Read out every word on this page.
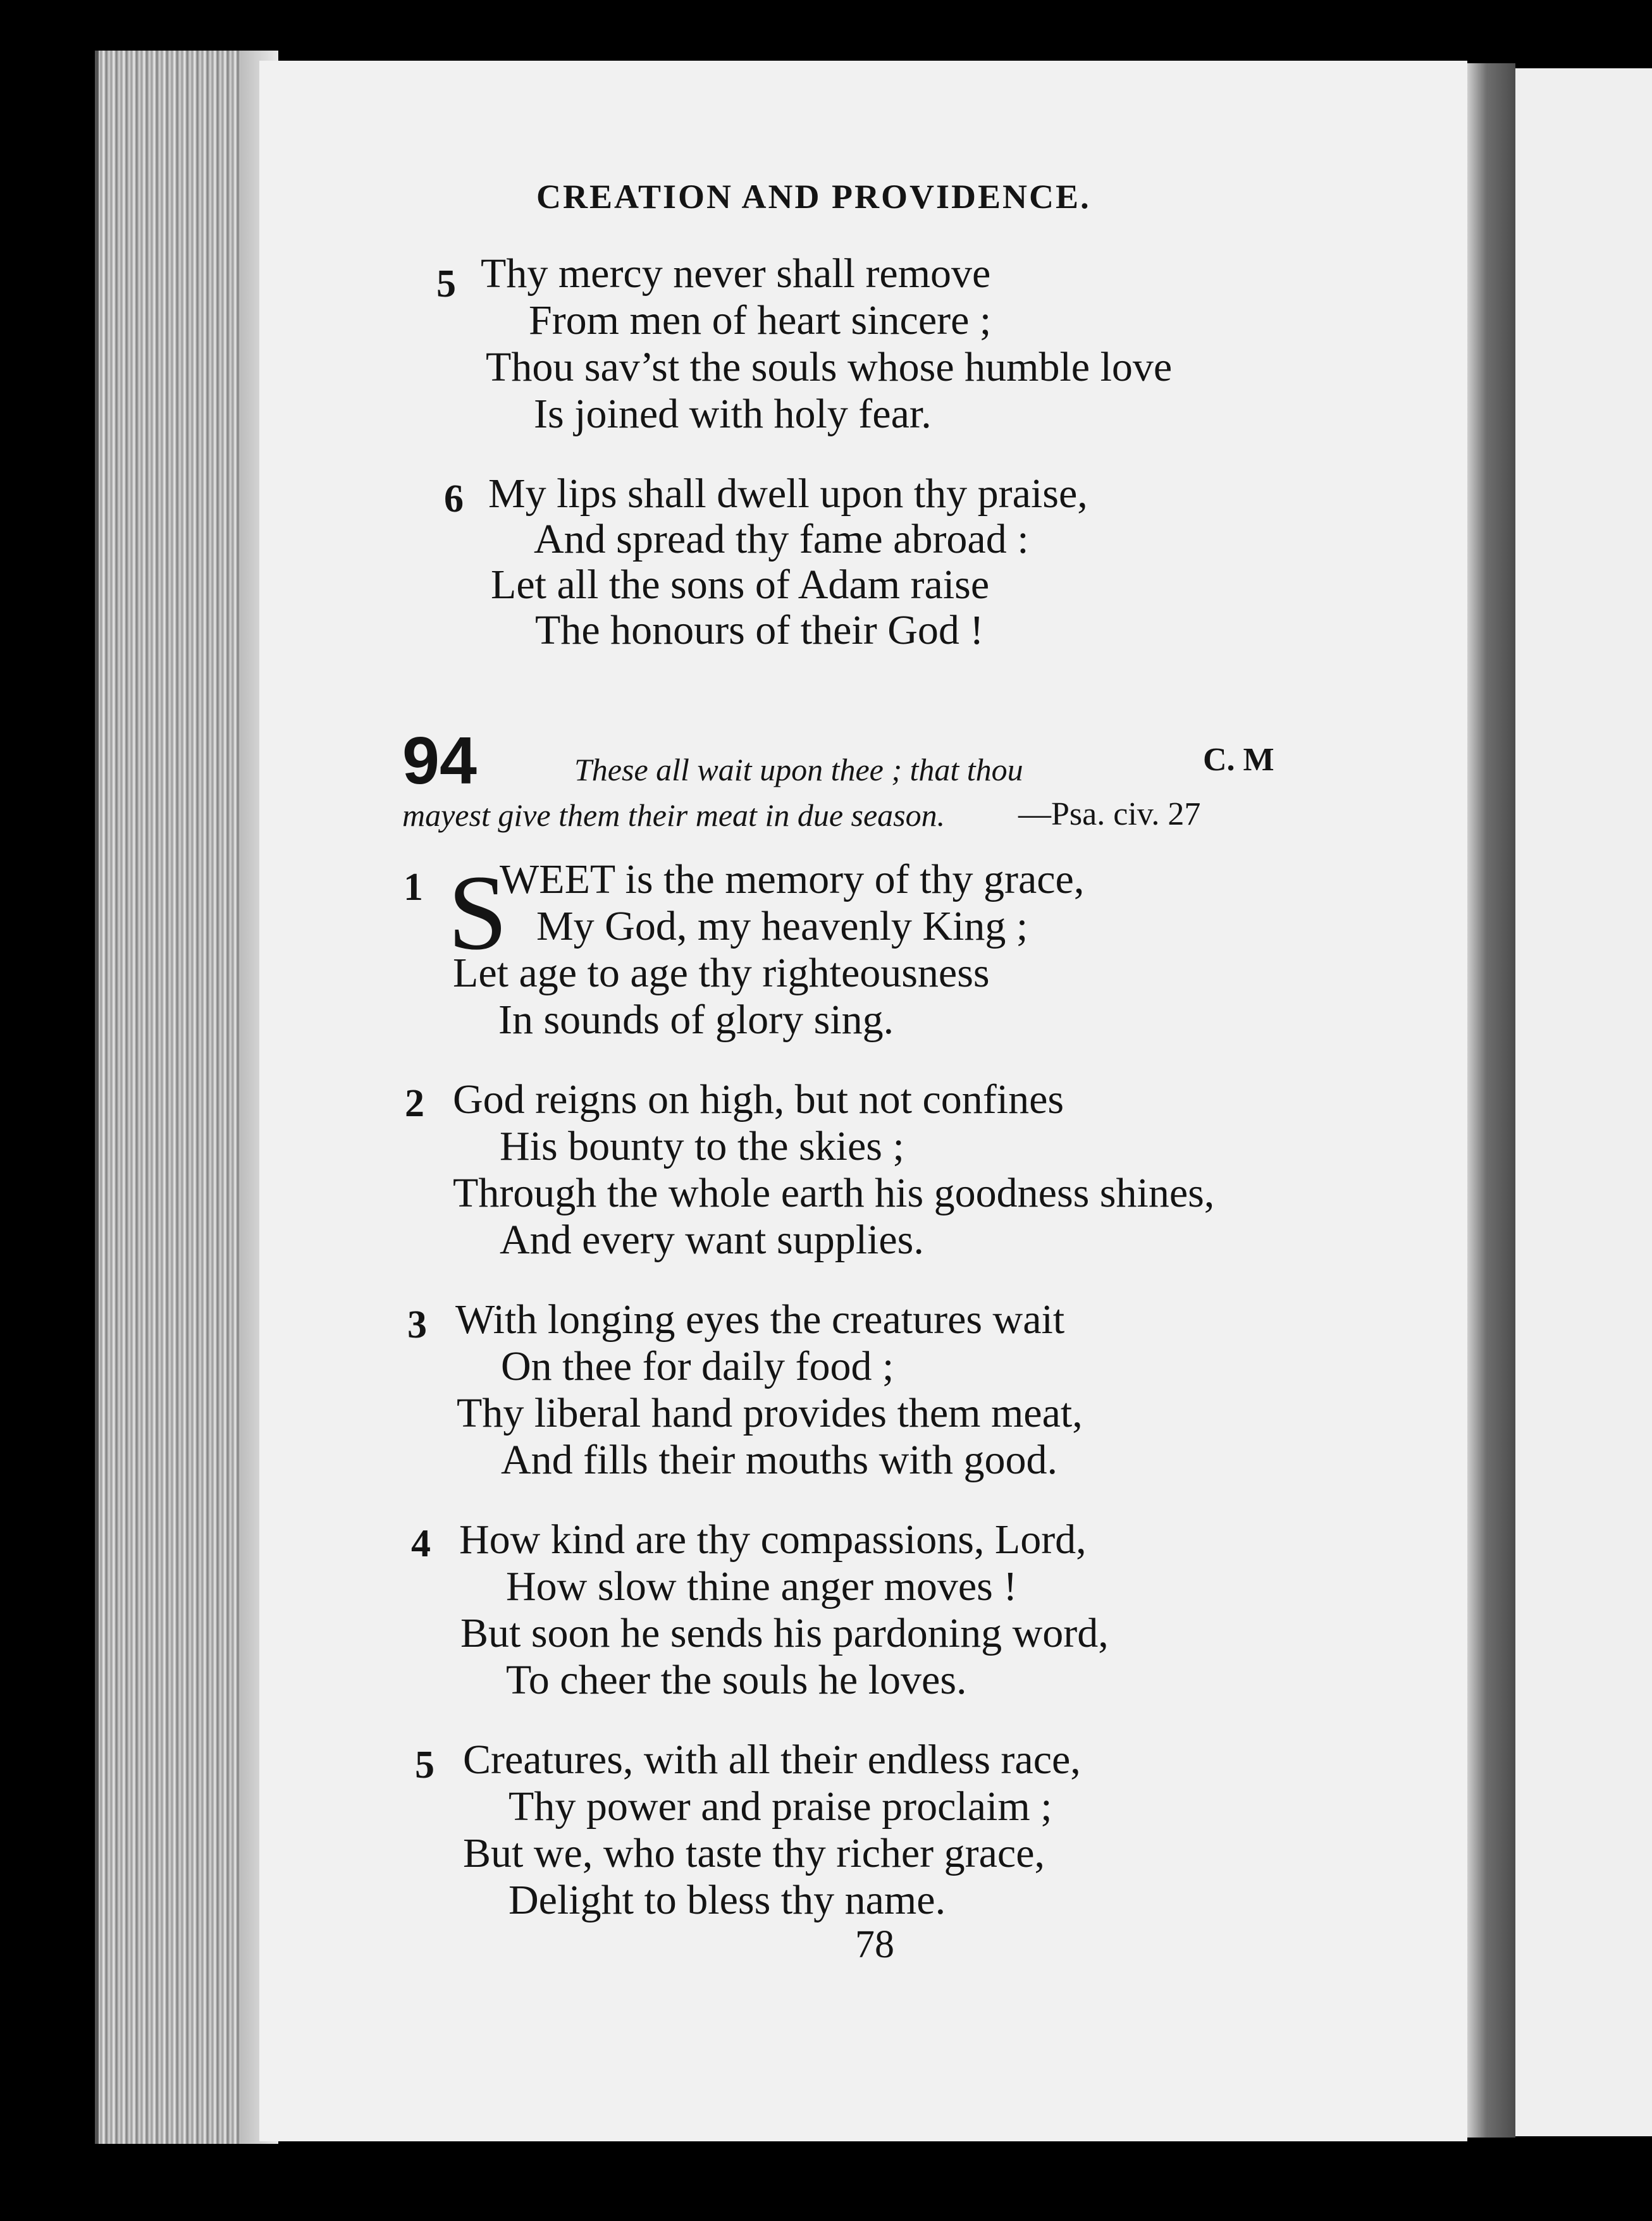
CREATION AND PROVIDENCE.
5 Thy mercy never shall remove
From men of heart sincere ;
Thou sav’st the souls whose humble love
Is joined with holy fear.
6 My lips shall dwell upon thy praise,
And spread thy fame abroad :
Let all the sons of Adam raise
The honours of their God !
94	These all wait upon thee ; that thou	C. M
mayest give them their meat in due season. —Psa. civ. 27
1 S
WEET is the memory of thy grace,
My God, my heavenly King ;
Let age to age thy righteousness
In sounds of glory sing.
2 God reigns on high, but not confines
His bounty to the skies ;
Through the whole earth his goodness shines,
And every want supplies.
3 With longing eyes the creatures wait
On thee for daily food ;
Thy liberal hand provides them meat,
And fills their mouths with good.
4 How kind are thy compassions, Lord,
How slow thine anger moves !
But soon he sends his pardoning word,
To cheer the souls he loves.
5 Creatures, with all their endless race,
Thy power and praise proclaim ;
But we, who taste thy richer grace,
Delight to bless thy name.
78
